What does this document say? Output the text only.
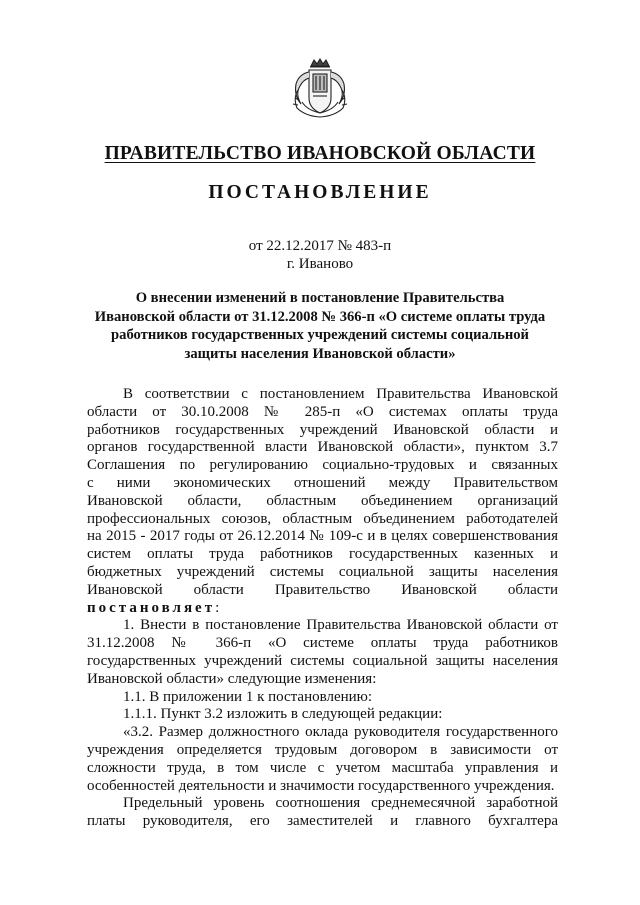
ПРАВИТЕЛЬСТВО ИВАНОВСКОЙ ОБЛАСТИ
ПОСТАНОВЛЕНИЕ
от 22.12.2017 № 483-п
г. Иваново
О внесении изменений в постановление Правительства
Ивановской области от 31.12.2008 № 366-п «О системе оплаты труда
работников государственных учреждений системы социальной
защиты населения Ивановской области»
В соответствии с постановлением Правительства Ивановской
области от 30.10.2008 № 285-п «О системах оплаты труда
работников государственных учреждений Ивановской области и
органов государственной власти Ивановской области», пунктом 3.7
Соглашения по регулированию социально-трудовых и связанных
с ними экономических отношений между Правительством
Ивановской области, областным объединением организаций
профессиональных союзов, областным объединением работодателей
на 2015 - 2017 годы от 26.12.2014 № 109-с и в целях совершенствования
систем оплаты труда работников государственных казенных и
бюджетных учреждений системы социальной защиты населения
Ивановской области Правительство Ивановской области
постановляет:
1. Внести в постановление Правительства Ивановской области от
31.12.2008 № 366-п «О системе оплаты труда работников
государственных учреждений системы социальной защиты населения
Ивановской области» следующие изменения:
1.1. В приложении 1 к постановлению:
1.1.1. Пункт 3.2 изложить в следующей редакции:
«3.2. Размер должностного оклада руководителя государственного
учреждения определяется трудовым договором в зависимости от
сложности труда, в том числе с учетом масштаба управления и
особенностей деятельности и значимости государственного учреждения.
Предельный уровень соотношения среднемесячной заработной
платы руководителя, его заместителей и главного бухгалтера
